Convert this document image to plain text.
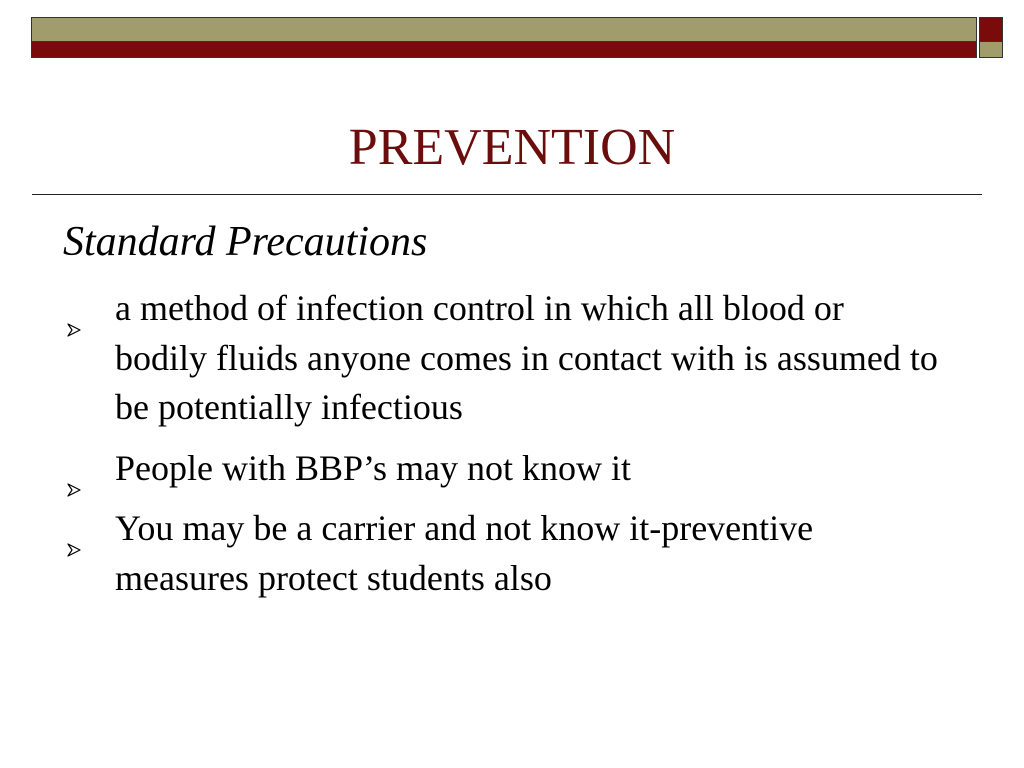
PREVENTION
Standard Precautions
a method of infection control in which all blood or bodily fluids anyone comes in contact with is assumed to be potentially infectious
People with BBP’s may not know it
You may be a carrier and not know it-preventive measures protect students also
